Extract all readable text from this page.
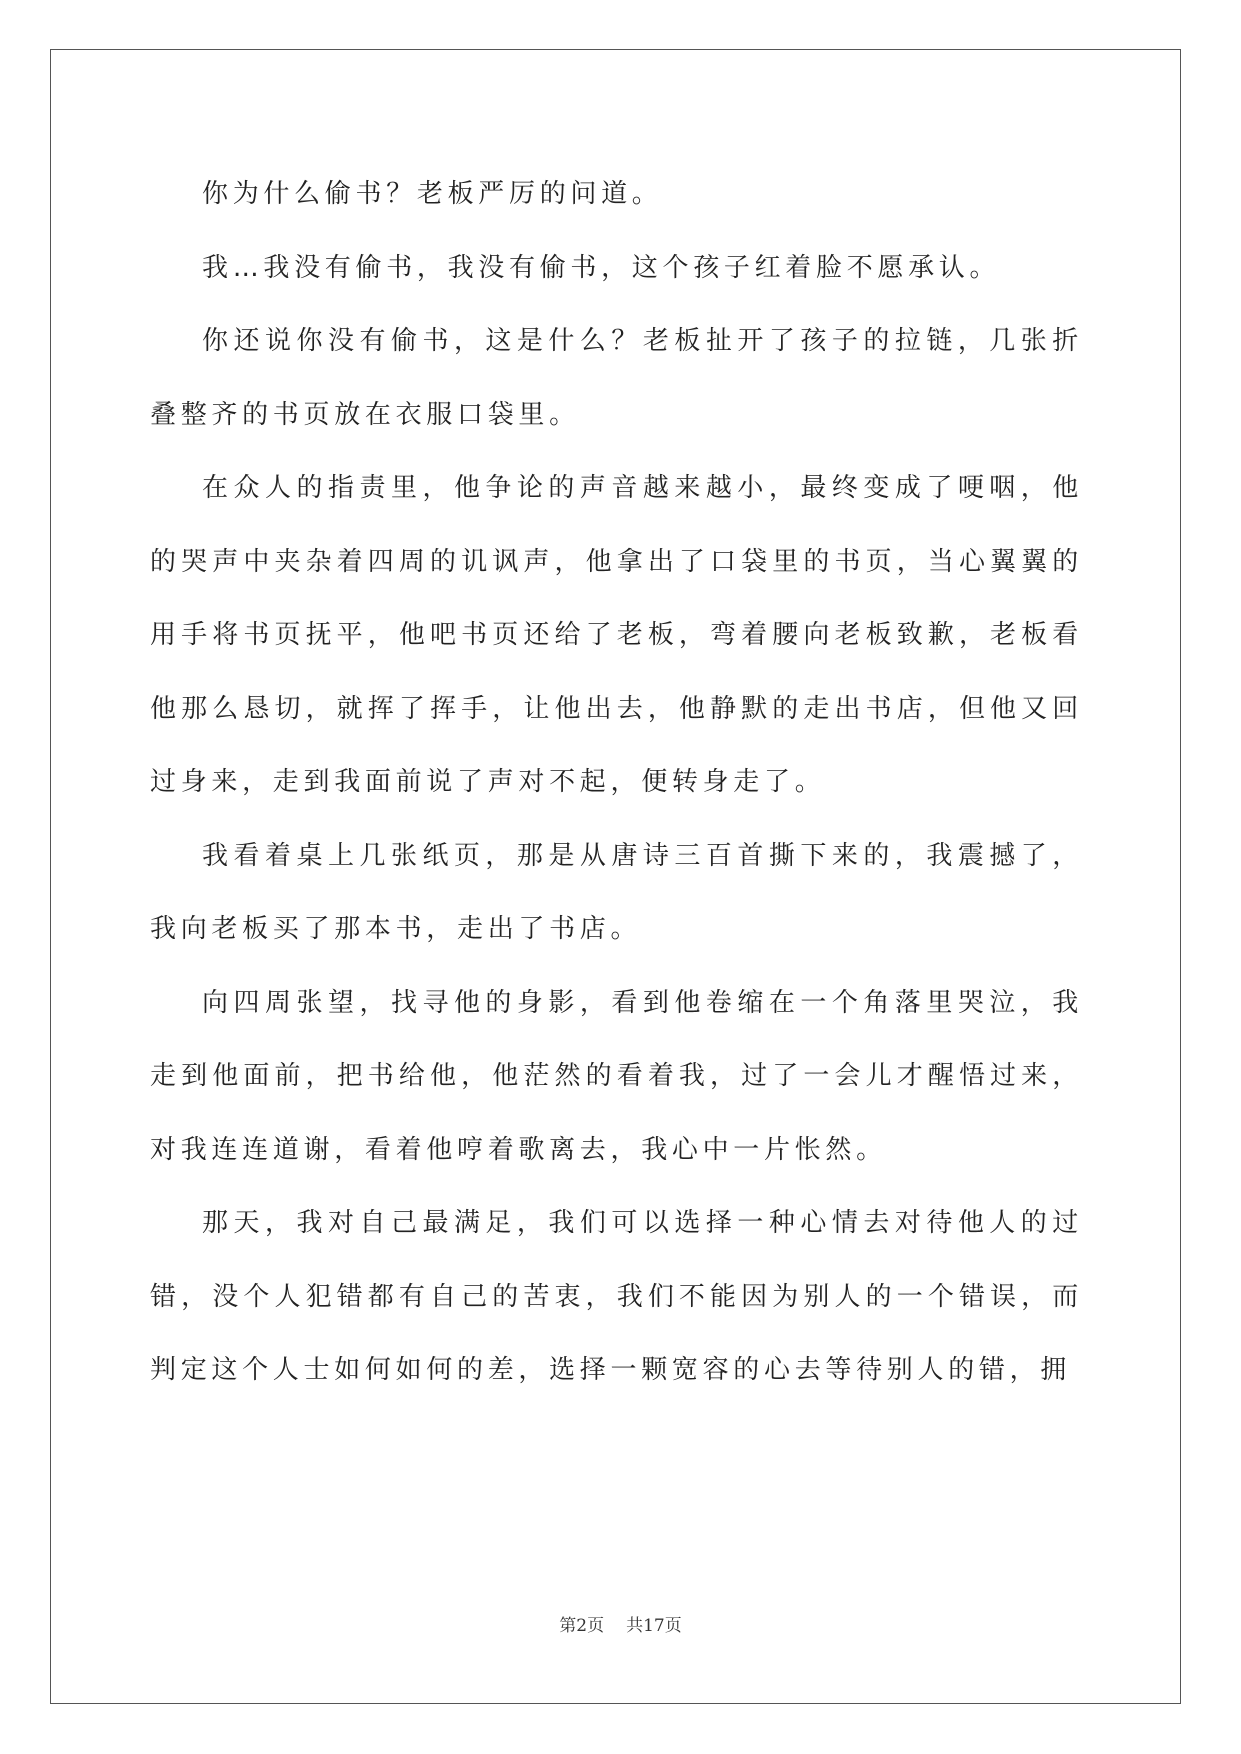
你为什么偷书？老板严厉的问道。

我…我没有偷书，我没有偷书，这个孩子红着脸不愿承认。

你还说你没有偷书，这是什么？老板扯开了孩子的拉链，几张折叠整齐的书页放在衣服口袋里。

在众人的指责里，他争论的声音越来越小，最终变成了哽咽，他的哭声中夹杂着四周的讥讽声，他拿出了口袋里的书页，当心翼翼的用手将书页抚平，他吧书页还给了老板，弯着腰向老板致歉，老板看他那么恳切，就挥了挥手，让他出去，他静默的走出书店，但他又回过身来，走到我面前说了声对不起，便转身走了。

我看着桌上几张纸页，那是从唐诗三百首撕下来的，我震撼了，我向老板买了那本书，走出了书店。

向四周张望，找寻他的身影，看到他卷缩在一个角落里哭泣，我走到他面前，把书给他，他茫然的看着我，过了一会儿才醒悟过来，对我连连道谢，看着他哼着歌离去，我心中一片怅然。

那天，我对自己最满足，我们可以选择一种心情去对待他人的过错，没个人犯错都有自己的苦衷，我们不能因为别人的一个错误，而判定这个人士如何如何的差，选择一颗宽容的心去等待别人的错，拥

第2页 共17页
